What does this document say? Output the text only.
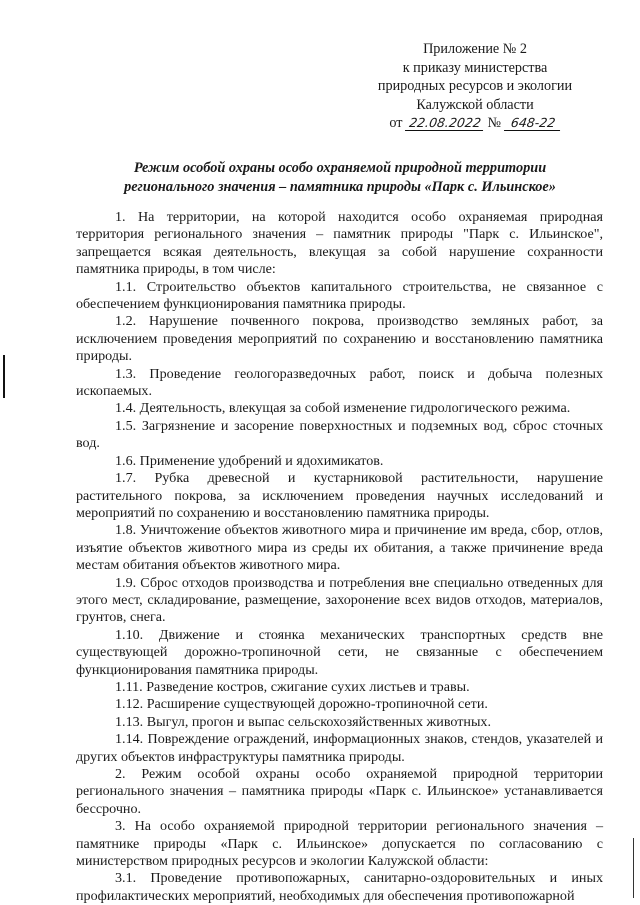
Приложение № 2
к приказу министерства
природных ресурсов и экологии
Калужской области
от 22.08.2022 № 648-22
Режим особой охраны особо охраняемой природной территории
регионального значения – памятника природы «Парк с. Ильинское»

1. На территории, на которой находится особо охраняемая природная территория регионального значения – памятник природы "Парк с. Ильинское", запрещается всякая деятельность, влекущая за собой нарушение сохранности памятника природы, в том числе:

1.1. Строительство объектов капитального строительства, не связанное с обеспечением функционирования памятника природы.

1.2. Нарушение почвенного покрова, производство земляных работ, за исключением проведения мероприятий по сохранению и восстановлению памятника природы.

1.3. Проведение геологоразведочных работ, поиск и добыча полезных ископаемых.

1.4. Деятельность, влекущая за собой изменение гидрологического режима.

1.5. Загрязнение и засорение поверхностных и подземных вод, сброс сточных вод.

1.6. Применение удобрений и ядохимикатов.

1.7. Рубка древесной и кустарниковой растительности, нарушение растительного покрова, за исключением проведения научных исследований и мероприятий по сохранению и восстановлению памятника природы.

1.8. Уничтожение объектов животного мира и причинение им вреда, сбор, отлов, изъятие объектов животного мира из среды их обитания, а также причинение вреда местам обитания объектов животного мира.

1.9. Сброс отходов производства и потребления вне специально отведенных для этого мест, складирование, размещение, захоронение всех видов отходов, материалов, грунтов, снега.

1.10. Движение и стоянка механических транспортных средств вне существующей дорожно-тропиночной сети, не связанные с обеспечением функционирования памятника природы.

1.11. Разведение костров, сжигание сухих листьев и травы.

1.12. Расширение существующей дорожно-тропиночной сети.

1.13. Выгул, прогон и выпас сельскохозяйственных животных.

1.14. Повреждение ограждений, информационных знаков, стендов, указателей и других объектов инфраструктуры памятника природы.

2. Режим особой охраны особо охраняемой природной территории регионального значения – памятника природы «Парк с. Ильинское» устанавливается бессрочно.

3. На особо охраняемой природной территории регионального значения – памятнике природы «Парк с. Ильинское» допускается по согласованию с министерством природных ресурсов и экологии Калужской области:

3.1. Проведение противопожарных, санитарно-оздоровительных и иных профилактических мероприятий, необходимых для обеспечения противопожарной
